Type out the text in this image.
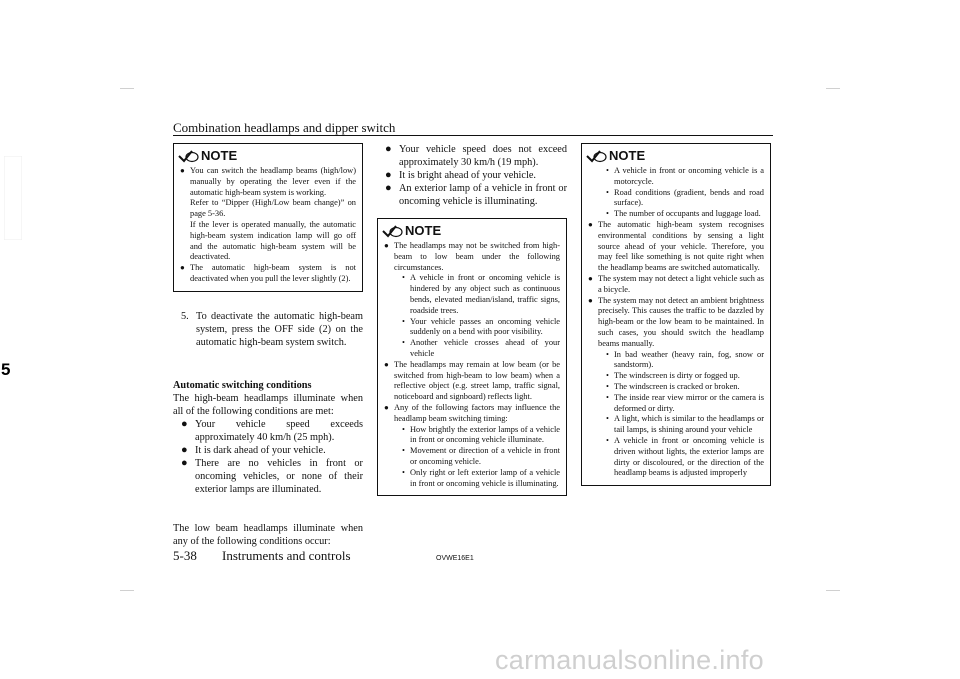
Combination headlamps and dipper switch
5
NOTE
● You can switch the headlamp beams (high/low) manually by operating the lever even if the automatic high-beam system is working.
Refer to “Dipper (High/Low beam change)” on page 5-36.
If the lever is operated manually, the automatic high-beam system indication lamp will go off and the automatic high-beam system will be deactivated.
● The automatic high-beam system is not deactivated when you pull the lever slightly (2).
5. To deactivate the automatic high-beam system, press the OFF side (2) on the automatic high-beam system switch.
Automatic switching conditions
The high-beam headlamps illuminate when all of the following conditions are met:
● Your vehicle speed exceeds approximately 40 km/h (25 mph).
● It is dark ahead of your vehicle.
● There are no vehicles in front or oncoming vehicles, or none of their exterior lamps are illuminated.
The low beam headlamps illuminate when any of the following conditions occur:
● Your vehicle speed does not exceed approximately 30 km/h (19 mph).
● It is bright ahead of your vehicle.
● An exterior lamp of a vehicle in front or oncoming vehicle is illuminating.
NOTE
● The headlamps may not be switched from high-beam to low beam under the following circumstances.
• A vehicle in front or oncoming vehicle is hindered by any object such as continuous bends, elevated median/island, traffic signs, roadside trees.
• Your vehicle passes an oncoming vehicle suddenly on a bend with poor visibility.
• Another vehicle crosses ahead of your vehicle
● The headlamps may remain at low beam (or be switched from high-beam to low beam) when a reflective object (e.g. street lamp, traffic signal, noticeboard and signboard) reflects light.
● Any of the following factors may influence the headlamp beam switching timing:
• How brightly the exterior lamps of a vehicle in front or oncoming vehicle illuminate.
• Movement or direction of a vehicle in front or oncoming vehicle.
• Only right or left exterior lamp of a vehicle in front or oncoming vehicle is illuminating.
NOTE
• A vehicle in front or oncoming vehicle is a motorcycle.
• Road conditions (gradient, bends and road surface).
• The number of occupants and luggage load.
● The automatic high-beam system recognises environmental conditions by sensing a light source ahead of your vehicle. Therefore, you may feel like something is not quite right when the headlamp beams are switched automatically.
● The system may not detect a light vehicle such as a bicycle.
● The system may not detect an ambient brightness precisely. This causes the traffic to be dazzled by high-beam or the low beam to be maintained. In such cases, you should switch the headlamp beams manually.
• In bad weather (heavy rain, fog, snow or sandstorm).
• The windscreen is dirty or fogged up.
• The windscreen is cracked or broken.
• The inside rear view mirror or the camera is deformed or dirty.
• A light, which is similar to the headlamps or tail lamps, is shining around your vehicle
• A vehicle in front or oncoming vehicle is driven without lights, the exterior lamps are dirty or discoloured, or the direction of the headlamp beams is adjusted improperly
5-38 Instruments and controls	OVWE16E1
carmanualsonline.info
